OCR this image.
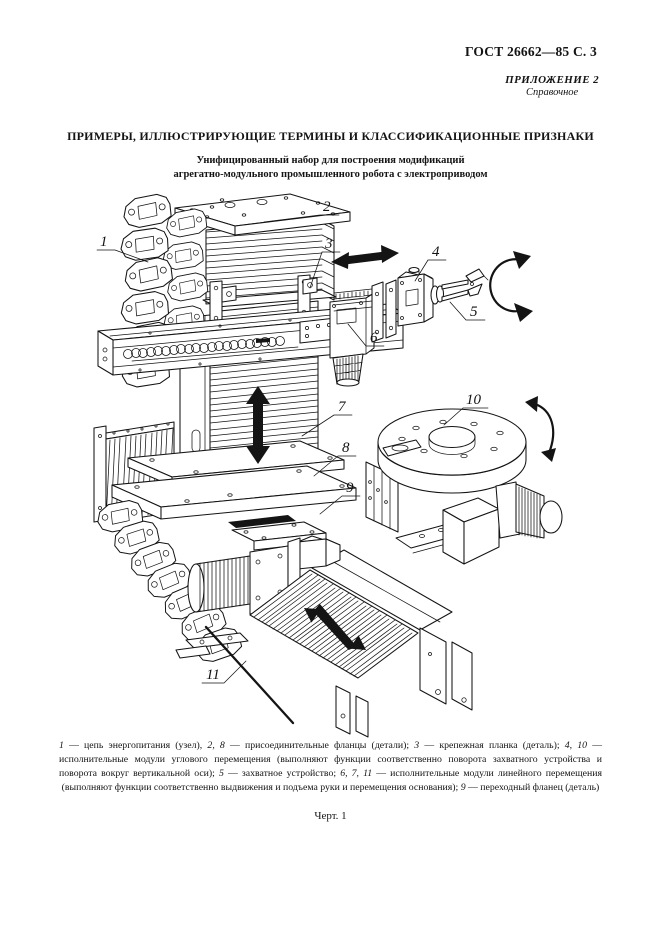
ГОСТ 26662—85 С. 3
ПРИЛОЖЕНИЕ 2
Справочное
ПРИМЕРЫ, ИЛЛЮСТРИРУЮЩИЕ ТЕРМИНЫ И КЛАССИФИКАЦИОННЫЕ ПРИЗНАКИ
Унифицированный набор для построения модификаций
агрегатно-модульного промышленного робота с электроприводом
1
2
3	4
5
6
7
8
9
10
11
1 — цепь энергопитания (узел), 2, 8 — присоединительные фланцы (детали); 3 — крепежная планка (деталь); 4, 10 — исполнительные модули углового перемещения (выполняют функции соответственно поворота захватного устройства и поворота вокруг вертикальной оси); 5 — захватное устройство; 6, 7, 11 — исполнительные модули линейного перемещения (выполняют функции соответственно выдвижения и подъема руки и перемещения основания); 9 — переходный фланец (деталь)
Черт. 1
